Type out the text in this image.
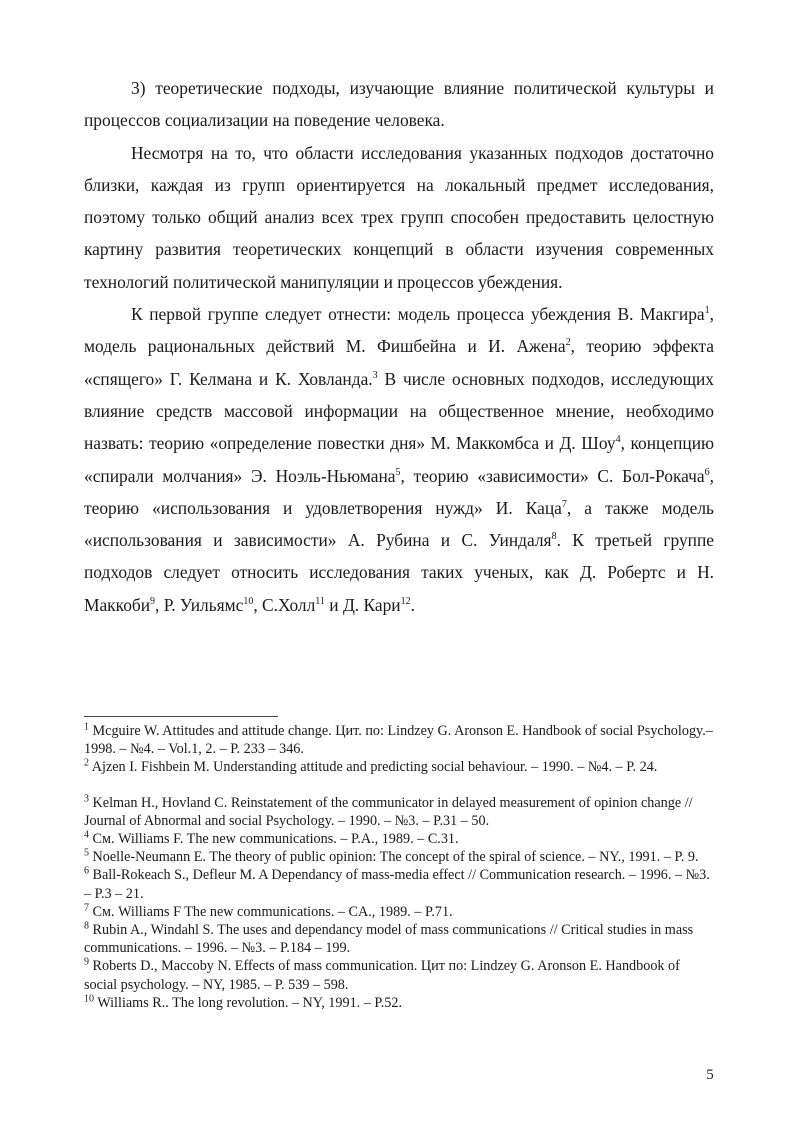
3) теоретические подходы, изучающие влияние политической культуры и процессов социализации на поведение человека.

Несмотря на то, что области исследования указанных подходов достаточно близки, каждая из групп ориентируется на локальный предмет исследования, поэтому только общий анализ всех трех групп способен предоставить целостную картину развития теоретических концепций в области изучения современных технологий политической манипуляции и процессов убеждения.

К первой группе следует отнести: модель процесса убеждения В. Макгира$^1$, модель рациональных действий М. Фишбейна и И. Ажена$^2$, теорию эффекта «спящего» Г. Келмана и К. Ховланда.$^3$ В числе основных подходов, исследующих влияние средств массовой информации на общественное мнение, необходимо назвать: теорию «определение повестки дня» М. Маккомбса и Д. Шоу$^4$, концепцию «спирали молчания» Э. Ноэль-Ньюмана$^5$, теорию «зависимости» С. Бол-Рокача$^6$, теорию «использования и удовлетворения нужд» И. Каца$^7$, а также модель «использования и зависимости» А. Рубина и С. Уиндаля$^8$. К третьей группе подходов следует относить исследования таких ученых, как Д. Робертс и Н. Маккоби$^9$, Р. Уильямс$^{10}$, С.Холл$^{11}$ и Д. Кари$^{12}$.

$^1$ Mcguire W. Attitudes and attitude change. Цит. по: Lindzey G. Aronson E. Handbook of social Psychology.– 1998. – №4. – Vol.1, 2. – P. 233 – 346.

$^2$ Ajzen I. Fishbein M. Understanding attitude and predicting social behaviour. – 1990. – №4. – P. 24.

$^3$ Kelman H., Hovland C. Reinstatement of the communicator in delayed measurement of opinion change // Journal of Abnormal and social Psychology. – 1990. – №3. – P.31 – 50.

$^4$ См. Williams F. The new communications. – P.A., 1989. – C.31.

$^5$ Noelle-Neumann E. The theory of public opinion: The concept of the spiral of science. – NY., 1991. – P. 9.

$^6$ Ball-Rokeach S., Defleur M. A Dependancy of mass-media effect // Communication research. – 1996. – №3. – P.3 – 21.

$^7$ См. Williams F The new communications. – CA., 1989. – P.71.

$^8$ Rubin A., Windahl S. The uses and dependancy model of mass communications // Critical studies in mass communications. – 1996. – №3. – P.184 – 199.

$^9$ Roberts D., Maccoby N. Effects of mass communication. Цит по: Lindzey G. Aronson E. Handbook of social psychology. – NY, 1985. – P. 539 – 598.

$^{10}$ Williams R.. The long revolution. – NY, 1991. – P.52.

5
